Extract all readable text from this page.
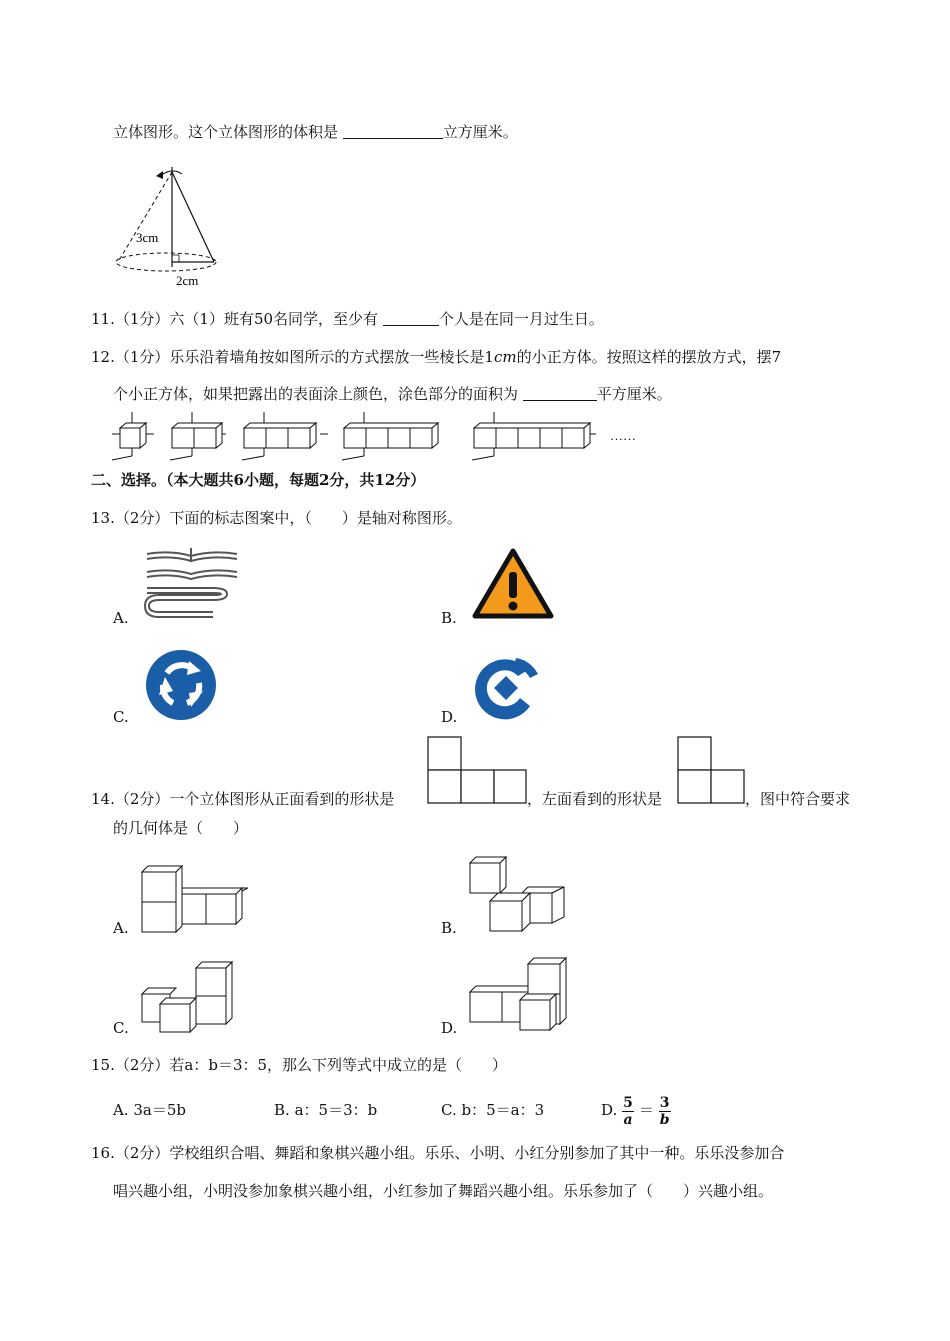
立体图形。这个立体图形的体积是	立方厘米。
3cm
2cm
11.（1分）六（1）班有50名同学，至少有	个人是在同一月过生日。
12.（1分）乐乐沿着墙角按如图所示的方式摆放一些棱长是1cm的小正方体。按照这样的摆放方式，摆7
个小正方体，如果把露出的表面涂上颜色，涂色部分的面积为	平方厘米。
……
二、选择。（本大题共6小题，每题2分，共12分）
13.（2分）下面的标志图案中，（　　）是轴对称图形。
A.	B.
C.	D.
14.（2分）一个立体图形从正面看到的形状是	，左面看到的形状是	，图中符合要求
的几何体是（　　）
A.	B.
C.	D.
15.（2分）若a：b＝3：5，那么下列等式中成立的是（　　）
A. 3a＝5b	B. a：5＝3：b	C. b：5＝a：3	D. $\frac{5}{a} = \frac{3}{b}$
16.（2分）学校组织合唱、舞蹈和象棋兴趣小组。乐乐、小明、小红分别参加了其中一种。乐乐没参加合
唱兴趣小组，小明没参加象棋兴趣小组，小红参加了舞蹈兴趣小组。乐乐参加了（　　）兴趣小组。
